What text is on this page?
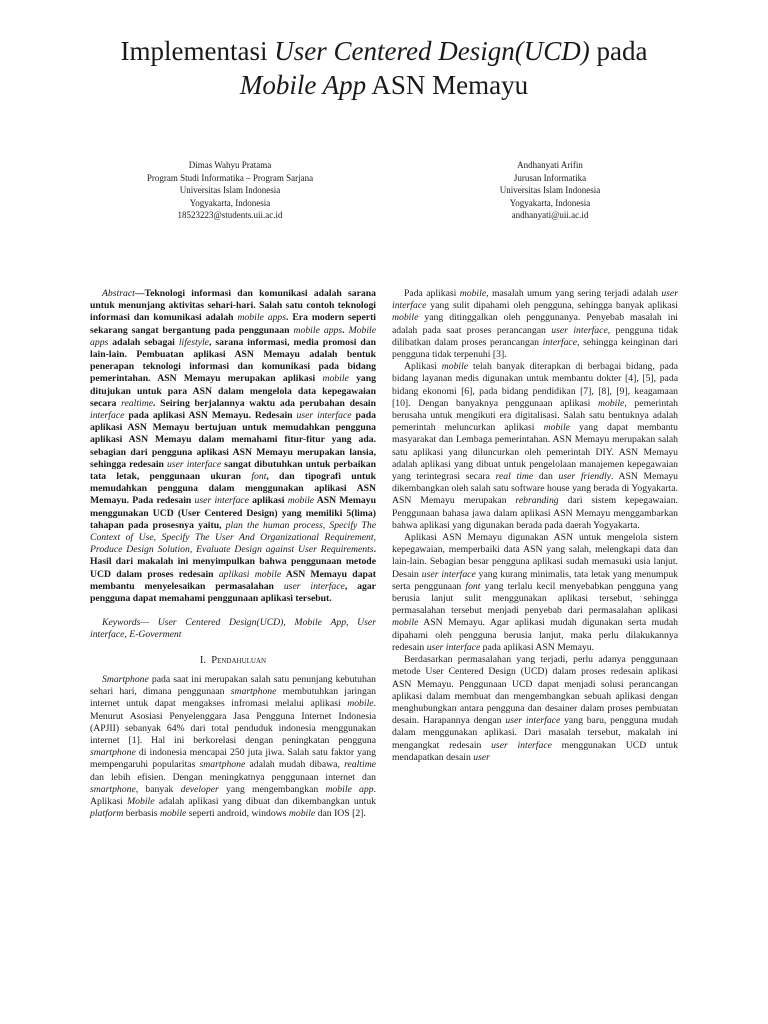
Implementasi User Centered Design(UCD) pada
Mobile App ASN Memayu
Dimas Wahyu Pratama
Program Studi Informatika – Program Sarjana
Universitas Islam Indonesia
Yogyakarta, Indonesia
18523223@students.uii.ac.id
Andhanyati Arifin
Jurusan Informatika
Universitas Islam Indonesia
Yogyakarta, Indonesia
andhanyati@uii.ac.id

Abstract—Teknologi informasi dan komunikasi adalah sarana untuk menunjang aktivitas sehari-hari. Salah satu contoh teknologi informasi dan komunikasi adalah mobile apps. Era modern seperti sekarang sangat bergantung pada penggunaan mobile apps. Mobile apps adalah sebagai lifestyle, sarana informasi, media promosi dan lain-lain. Pembuatan aplikasi ASN Memayu adalah bentuk penerapan teknologi informasi dan komunikasi pada bidang pemerintahan. ASN Memayu merupakan aplikasi mobile yang ditujukan untuk para ASN dalam mengelola data kepegawaian secara realtime. Seiring berjalannya waktu ada perubahan desain interface pada aplikasi ASN Memayu. Redesain user interface pada aplikasi ASN Memayu bertujuan untuk memudahkan pengguna aplikasi ASN Memayu dalam memahami fitur-fitur yang ada. sebagian dari pengguna aplikasi ASN Memayu merupakan lansia, sehingga redesain user interface sangat dibutuhkan untuk perbaikan tata letak, penggunaan ukuran font, dan tipografi untuk memudahkan pengguna dalam menggunakan aplikasi ASN Memayu. Pada redesain user interface aplikasi mobile ASN Memayu menggunakan UCD (User Centered Design) yang memiliki 5(lima) tahapan pada prosesnya yaitu, plan the human process, Specify The Context of Use, Specify The User And Organizational Requirement, Produce Design Solution, Evaluate Design against User Requirements. Hasil dari makalah ini menyimpulkan bahwa penggunaan metode UCD dalam proses redesain aplikasi mobile ASN Memayu dapat membantu menyelesaikan permasalahan user interface, agar pengguna dapat memahami penggunaan aplikasi tersebut.

Keywords— User Centered Design(UCD), Mobile App, User interface, E-Goverment

I. Pendahuluan

Smartphone pada saat ini merupakan salah satu penunjang kebutuhan sehari hari, dimana penggunaan smartphone membutuhkan jaringan internet untuk dapat mengakses infromasi melalui aplikasi mobile. Menurut Asosiasi Penyelenggara Jasa Pengguna Internet Indonesia (APJII) sebanyak 64% dari total penduduk indonesia menggunakan internet [1]. Hal ini berkorelasi dengan peningkatan pengguna smartphone di indonesia mencapai 250 juta jiwa. Salah satu faktor yang mempengaruhi popularitas smartphone adalah mudah dibawa, realtime dan lebih efisien. Dengan meningkatnya penggunaan internet dan smartphone, banyak developer yang mengembangkan mobile app. Aplikasi Mobile adalah aplikasi yang dibuat dan dikembangkan untuk platform berbasis mobile seperti android, windows mobile dan IOS [2].

Pada aplikasi mobile, masalah umum yang sering terjadi adalah user interface yang sulit dipahami oleh pengguna, sehingga banyak aplikasi mobile yang ditinggalkan oleh penggunanya. Penyebab masalah ini adalah pada saat proses perancangan user interface, pengguna tidak dilibatkan dalam proses perancangan interface, sehingga keinginan dari pengguna tidak terpenuhi [3].

Aplikasi mobile telah banyak diterapkan di berbagai bidang, pada bidang layanan medis digunakan untuk membantu dokter [4], [5], pada bidang ekonomi [6], pada bidang pendidikan [7], [8], [9], keagamaan [10]. Dengan banyaknya penggunaan aplikasi mobile, pemerintah berusaha untuk mengikuti era digitalisasi. Salah satu bentuknya adalah pemerintah meluncurkan aplikasi mobile yang dapat membantu masyarakat dan Lembaga pemerintahan. ASN Memayu merupakan salah satu aplikasi yang diluncurkan oleh pemerintah DIY. ASN Memayu adalah aplikasi yang dibuat untuk pengelolaan manajemen kepegawaian yang terintegrasi secara real time dan user friendly. ASN Memayu dikembangkan oleh salah satu software house yang berada di Yogyakarta. ASN Memayu merupakan rebranding dari sistem kepegawaian. Penggunaan bahasa jawa dalam aplikasi ASN Memayu menggambarkan bahwa aplikasi yang digunakan berada pada daerah Yogyakarta.

Aplikasi ASN Memayu digunakan ASN untuk mengelola sistem kepegawaian, memperbaiki data ASN yang salah, melengkapi data dan lain-lain. Sebagian besar pengguna aplikasi sudah memasuki usia lanjut. Desain user interface yang kurang minimalis, tata letak yang menumpuk serta penggunaan font yang terlalu kecil menyebabkan pengguna yang berusia lanjut sulit menggunakan aplikasi tersebut, sehingga permasalahan tersebut menjadi penyebab dari permasalahan aplikasi mobile ASN Memayu. Agar aplikasi mudah digunakan serta mudah dipahami oleh pengguna berusia lanjut, maka perlu dilakukannya redesain user interface pada aplikasi ASN Memayu.

Berdasarkan permasalahan yang terjadi, perlu adanya penggunaan metode User Centered Design (UCD) dalam proses redesain aplikasi ASN Memayu. Penggunaan UCD dapat menjadi solusi perancangan aplikasi dalam membuat dan mengembangkan sebuah aplikasi dengan menghubungkan antara pengguna dan desainer dalam proses pembuatan desain. Harapannya dengan user interface yang baru, pengguna mudah dalam menggunakan aplikasi. Dari masalah tersebut, makalah ini mengangkat redesain user interface menggunakan UCD untuk mendapatkan desain user
